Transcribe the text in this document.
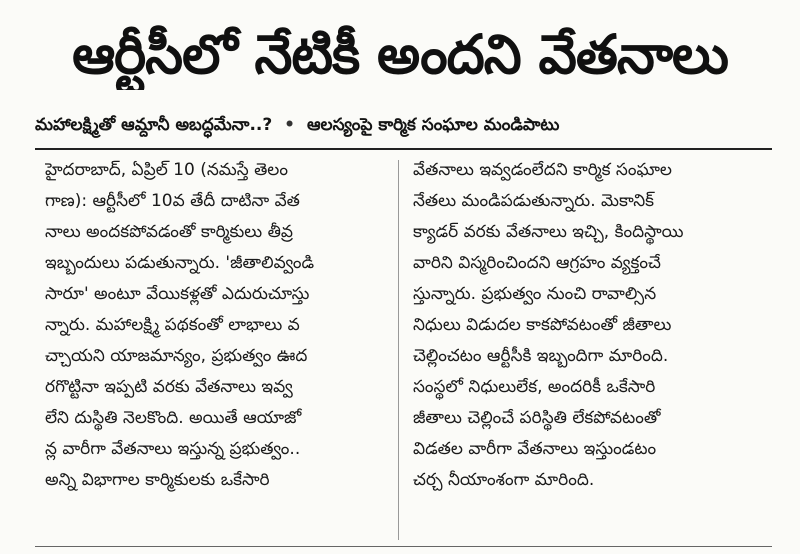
ఆర్టీసీలో నేటికీ అందని వేతనాలు
మహాలక్ష్మితో ఆమ్దానీ అబద్ధమేనా..? • ఆలస్యంపై కార్మిక సంఘాల మండిపాటు
హైదరాబాద్, ఏప్రిల్ 10 (నమస్తే తెలం
గాణ): ఆర్టీసీలో 10వ తేదీ దాటినా వేత
నాలు అందకపోవడంతో కార్మికులు తీవ్ర
ఇబ్బందులు పడుతున్నారు. 'జీతాలివ్వండి
సారూ' అంటూ వేయికళ్లతో ఎదురుచూస్తు
న్నారు. మహాలక్ష్మి పథకంతో లాభాలు వ
చ్చాయని యాజమాన్యం, ప్రభుత్వం ఊద
రగొట్టినా ఇప్పటి వరకు వేతనాలు ఇవ్వ
లేని దుస్థితి నెలకొంది. అయితే ఆయాజో
న్ల వారీగా వేతనాలు ఇస్తున్న ప్రభుత్వం..
అన్ని విభాగాల కార్మికులకు ఒకేసారి
వేతనాలు ఇవ్వడంలేదని కార్మిక సంఘాల
నేతలు మండిపడుతున్నారు. మెకానిక్
క్యాడర్ వరకు వేతనాలు ఇచ్చి, కిందిస్థాయి
వారిని విస్మరించిందని ఆగ్రహం వ్యక్తంచే
స్తున్నారు. ప్రభుత్వం నుంచి రావాల్సిన
నిధులు విడుదల కాకపోవటంతో జీతాలు
చెల్లించటం ఆర్టీసీకి ఇబ్బందిగా మారింది.
సంస్థలో నిధులులేక, అందరికీ ఒకేసారి
జీతాలు చెల్లించే పరిస్థితి లేకపోవటంతో
విడతల వారీగా వేతనాలు ఇస్తుండటం
చర్చ నీయాంశంగా మారింది.
